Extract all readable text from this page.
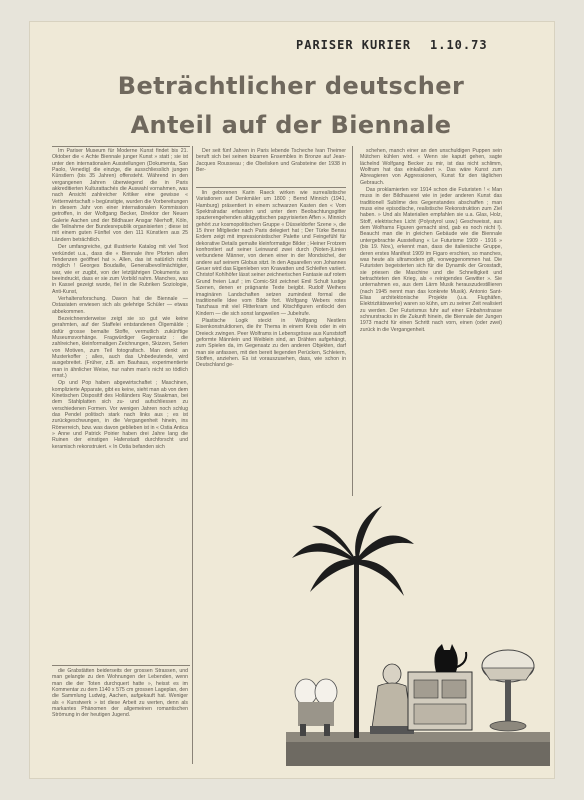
PARISER KURIER 1.10.73
Beträchtlicher deutscher
Anteil auf der Biennale

Im Pariser Museum für Moderne Kunst findet bis 21. Oktober die « Achte Biennale junger Kunst » statt ; sie ist unter den internationalen Ausstellungen (Dokumenta, Sao Paolo, Venedig) die einzige, die ausschliesslich jungen Künstlern (bis 35 Jahren) offensteht. Während in den vergangenen Jahren überwiegend die in Paris akkreditierten Kulturattachés die Auswahl vornahmen, was nach Ansicht zahlreicher Kritiker eine gewisse « Vetternwirtschaft » begünstigte, wurden die Vorbereitungen in diesem Jahr von einer internationalen Kommission getroffen, in der Wolfgang Becker, Direktor der Neuen Galerie Aachen und der Bildhauer Ansgar Nierhoff, Köln, die Teilnahme der Bundesrepublik organisierten ; diese ist mit einem guten Fünftel von den 111 Künstlern aus 25 Ländern beträchtlich.

Der umfangreiche, gut illustrierte Katalog mit viel Text verkündet u.a., dass die « Biennale ihre Pforten allen Tendenzen geöffnet hat ». Allen, das ist natürlich nicht möglich ! Georges Boudaille, Generalbevollmächtigter, war, wie er zugibt, von der letztjährigen Dokumenta so beeindruckt, dass er sie zum Vorbild nahm. Manches, was in Kassel gezeigt wurde, fiel in die Rubriken Soziologie, Anti-Kunst,

Verhaltensforschung. Davon hat die Biennale — Ostasiaten erwiesen sich als gelehrige Schüler — etwas abbekommen.

Bezeichnenderweise zeigt sie so gut wie keine gerahmten, auf der Staffelei entstandenen Ölgemälde ; dafür grosse bemalte Stoffe, vermutlich zukünftige Museumsvorhänge. Fragwürdiger Gegensatz : die zahlreichen, kleinformatigen Zeichnungen, Skizzen, Serien von Motiven, zum Teil fotografisch. Man denkt an Musterkoffer ; alles, auch das Unbedeutende, wird ausgebreitet. (Früher, z.B. am Bauhaus, experimentierte man in ähnlicher Weise, nur nahm man's nicht so tödlich ernst.)

Op und Pop haben abgewirtschaftet ; Maschinen, komplizierte Apparate, gibt es keine, sieht man ab von dem Kinetischen Dispositif des Holländers Ray Staakman, bei dem Stahlplatten sich zu- und aufschliessen zu verschiedenen Formen. Vor wenigen Jahren noch schlug das Pendel politisch stark nach links aus ; es ist zurückgeschwungen, in die Vergangenheit hinein, ins Römerreich, bzw. was davon geblieben ist in « Ostia Antica » Anne und Patrick Poirier haben drei Jahre lang die Ruinen der einstigen Hafenstadt durchforscht und keramisch rekonstruiert. « In Ostia befanden sich

die Grabstätten beiderseits der grossen Strassen, und man gelangte zu den Wohnungen der Lebenden, wenn man die der Toten durchquert hatte », heisst es im Kommentar zu dem 1140 x 575 cm grossen Lageplan, den die Sammlung Ludwig, Aachen, aufgekauft hat. Weniger als « Kunstwerk » ist diese Arbeit zu werten, denn als markantes Phänomen der allgemeinen romantischen Strömung in der heutigen Jugend.

Der seit fünf Jahren in Paris lebende Tscheche Ivan Theimer beruft sich bei seinen bizarren Ensembles in Bronze auf Jean-Jacques Rousseau ; die Obelisken und Grabsteine der 1938 in Ber-

lin geborenen Karin Raeck wirken wie surrealistische Variationen auf Denkmäler um 1800 ; Bernd Minnich (1941, Hamburg) präsentiert in einem schwarzen Kasten den « Vom Spektralradar erfassten und unter dem Beobachtungsgitter spazierengehenden altägyptischen papyrisierten Affen ». Minnich gehört zur kosmopolitischen Gruppe « Düsseldorfer Szene », die 15 ihrer Mitglieder nach Paris delegiert hat ; Der Türke Bensu Erdem zeigt mit impressionistischer Palette und Feingefühl für dekorative Details gemalte kleinformatige Bilder ; Heiner Frotzem konfrontiert auf seiner Leinwand zwei durch (Noten-)Linien verbundene Männer, von denen einer in der Mondsichel, der andere auf seinem Globus sitzt. In den Aquarellen von Johannes Geuer wird das Eigenleben von Krawatten und Schleifen variiert. Christof Kohlhöfer lässt seiner zeichnerischen Fantasie auf rotem Grund freien Lauf ; im Comic-Stil zeichnet Emil Schult lustige Szenen, denen er prägnante Texte beigibt. Rudolf Weihers imaginären Landschaften setzen zumindest formal die traditionelle Idee vom Bilde fort. Wolfgang Webers rotes Tanzhaus mit viel Flitterkram und Kitschfiguren entlockt den Kindern — die sich sonst langweilen — Jubelrufe.

Plastische Logik steckt in Wolfgang Nestlers Eisenkonstruktionen, die ihr Thema in einem Kreis oder in ein Dreieck zwingen. Peer Wolframs in Lebensgrösse aus Kunststoff geformte Männlein und Weiblein sind, an Drähten aufgehängt, zum Spielen da, im Gegensatz zu den anderen Objekten, darf man sie anfassen, mit den bereit liegenden Perücken, Schleiern, Stoffen, anziehen. Es ist vorauszusehen, dass, wie schon in Deutschland ge-

schehen, manch einer an den unschuldigen Puppen sein Mütchen kühlen wird. « Wenn sie kaputt gehen, sagte lächelnd Wolfgang Becker zu mir, ist das nicht schlimm, Wolfram hat das einkalkuliert ». Das wäre Kunst zum Abreagieren von Aggressionen, Kunst für den täglichen Gebrauch.

Das proklamierten vor 1914 schon die Futuristen ! « Man muss in der Bildhauerei wie in jeder anderen Kunst das traditionell Sublime des Gegenstandes abschaffen ; man muss eine episodische, realistische Rekonstruktion zum Ziel haben. » Und als Materialien empfahlen sie u.a. Glas, Holz, Stoff, elektrisches Licht (Polystyrol usw.) Geschweisst, aus dem Wolframs Figuren gemacht sind, gab es noch nicht !). Beaucht man die in gleichen Gebäude wie die Biennale untergebrachte Ausstellung « Le Futurisme 1909 - 1916 » (bis 19. Nov.), erkennt man, dass die italienische Gruppe, deren erstes Manifest 1909 im Figaro erschien, so manches, was heute als ultramodern gilt, vorweggenommen hat. Die Futuristen begeisterten sich für die Dynamik der Grosstadt, sie priesen die Maschine und die Schnelligkeit und betrachteten den Krieg, als « reinigendes Gewitter ». Sie unternahmen es, aus dem Lärm Musik herauszudestillieren (nach 1945 nennt man das konkrete Musik). Antonio Sant-Elias architektonische Projekte (u.a. Flughäfen, Elektrizitätswerke) waren so kühn, um zu seiner Zeit realisiert zu werden. Der Futurismus fuhr auf einer Einbahnstrasse schnurstracks in die Zukunft hinein, die Biennale der Jungen 1973 macht für einen Schritt nach vorn, einen (oder zwei) zurück in die Vergangenheit.
